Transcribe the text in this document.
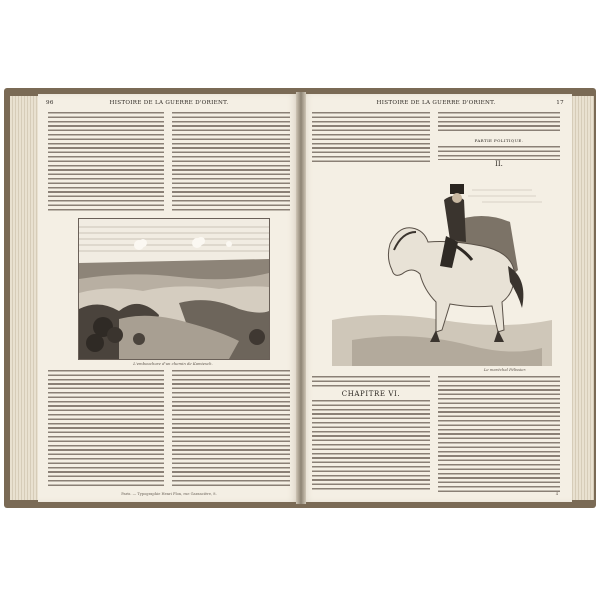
96	HISTOIRE DE LA GUERRE D'ORIENT.
L'embouchure d'un chemin de Kamiesch.
Paris. — Typographie Henri Plon, rue Garancière, 8.
HISTOIRE DE LA GUERRE D'ORIENT.	17
PARTIE POLITIQUE.
II.
Le maréchal Pélissier.
CHAPITRE VI.
4
